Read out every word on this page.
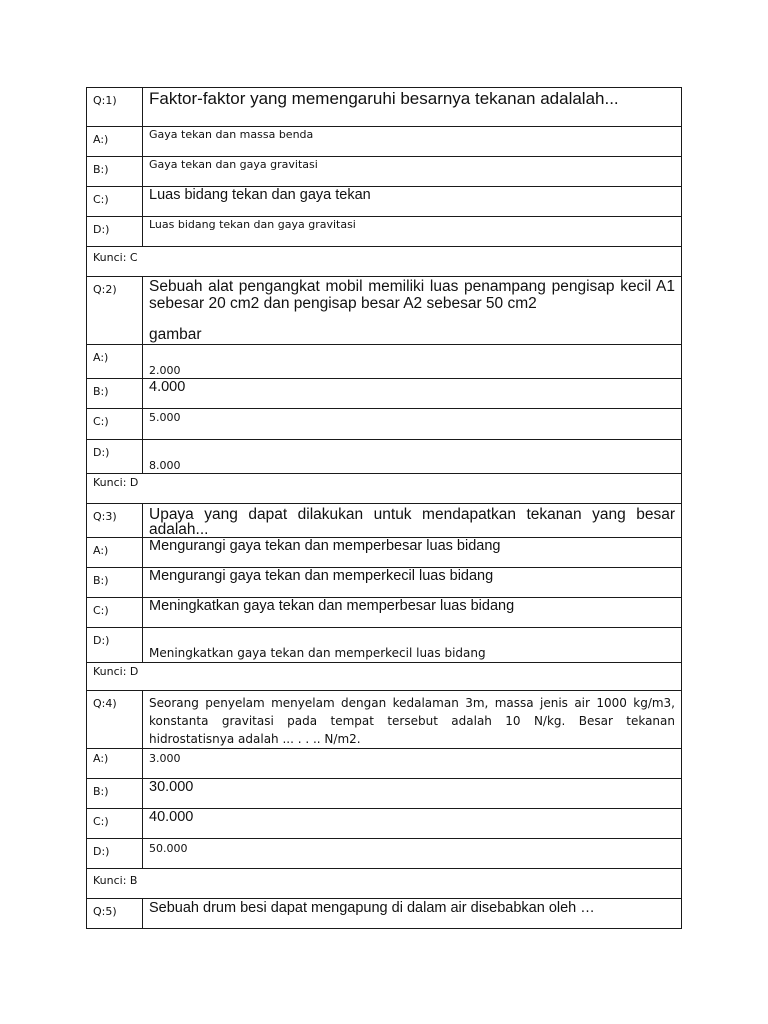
Q:1)	Faktor-faktor yang memengaruhi besarnya tekanan adalalah...

A:)	Gaya tekan dan massa benda

B:)	Gaya tekan dan gaya gravitasi

C:)	Luas bidang tekan dan gaya tekan

D:)	Luas bidang tekan dan gaya gravitasi

Kunci: C	
Q:2)	Sebuah alat pengangkat mobil memiliki luas penampang pengisap kecil A1 sebesar 20 cm2 dan pengisap besar A2 sebesar 50 cm2
gambar

A:)	2.000

B:)	4.000

C:)	5.000

D:)	8.000

Kunci: D	
Q:3)	Upaya yang dapat dilakukan untuk mendapatkan tekanan yang besar adalah...

A:)	Mengurangi gaya tekan dan memperbesar luas bidang

B:)	Mengurangi gaya tekan dan memperkecil luas bidang

C:)	Meningkatkan gaya tekan dan memperbesar luas bidang

D:)	Meningkatkan gaya tekan dan memperkecil luas bidang

Kunci: D	
Q:4)	Seorang penyelam menyelam dengan kedalaman 3m, massa jenis air 1000 kg/m3, konstanta gravitasi pada tempat tersebut adalah 10 N/kg. Besar tekanan hidrostatisnya adalah ... . . .. N/m2.

A:)	3.000

B:)	30.000

C:)	40.000

D:)	50.000

Kunci: B	
Q:5)	Sebuah drum besi dapat mengapung di dalam air disebabkan oleh …
